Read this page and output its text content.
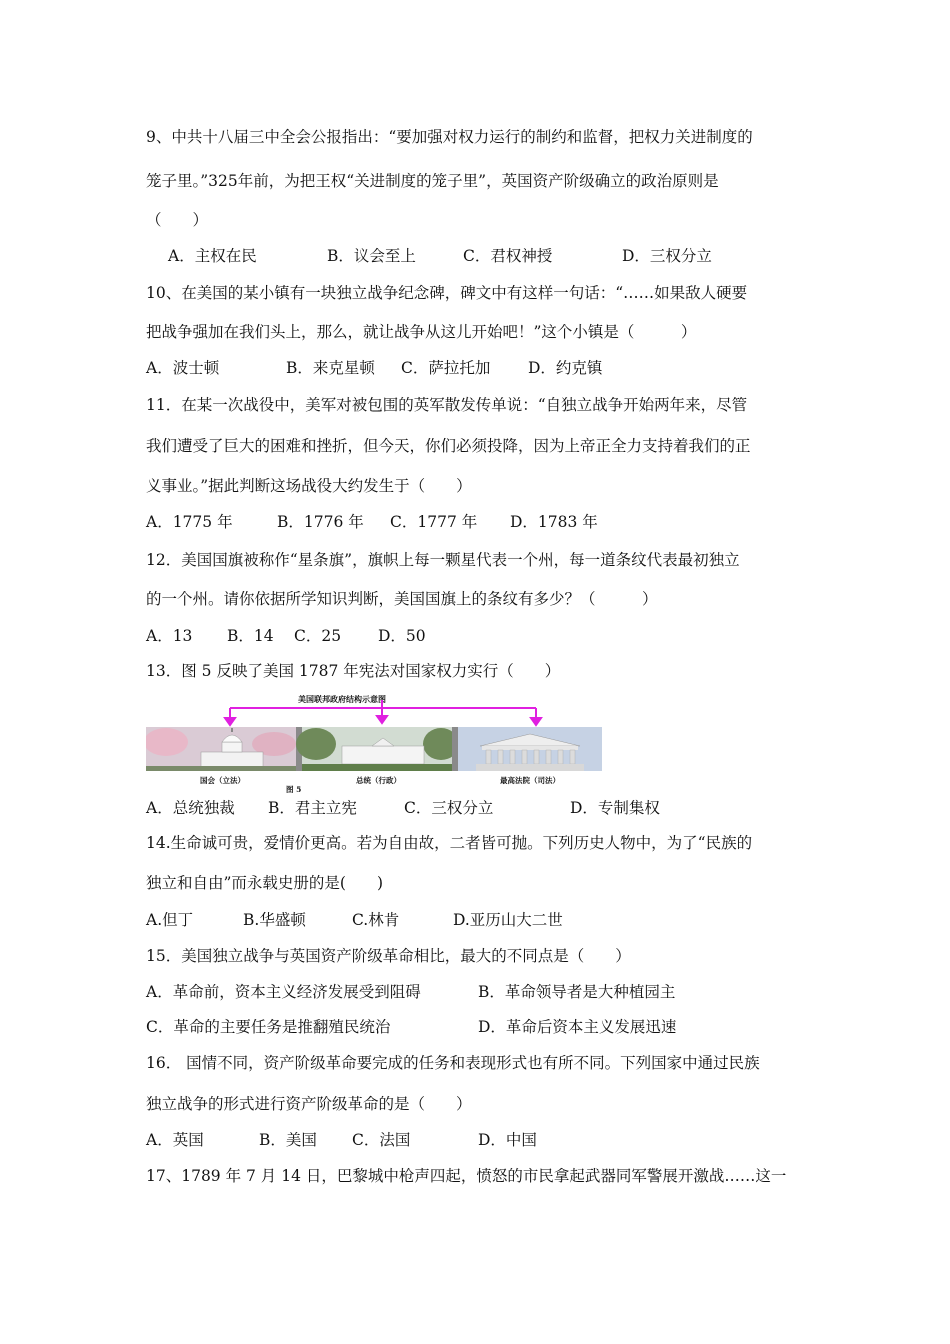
9、中共十八届三中全会公报指出：“要加强对权力运行的制约和监督，把权力关进制度的
笼子里。”325年前，为把王权“关进制度的笼子里”，英国资产阶级确立的政治原则是
（　　）
A．主权在民	B．议会至上	C．君权神授	D．三权分立
10、在美国的某小镇有一块独立战争纪念碑，碑文中有这样一句话：“……如果敌人硬要
把战争强加在我们头上，那么，就让战争从这儿开始吧！”这个小镇是（　　　）
A．波士顿	B．来克星顿 C．萨拉托加 D．约克镇
11．在某一次战役中，美军对被包围的英军散发传单说：“自独立战争开始两年来，尽管
我们遭受了巨大的困难和挫折，但今天，你们必须投降，因为上帝正全力支持着我们的正
义事业。”据此判断这场战役大约发生于（　　）
A．1775 年	B．1776 年 C．1777 年 D．1783 年
12．美国国旗被称作“星条旗”，旗帜上每一颗星代表一个州，每一道条纹代表最初独立
的一个州。请你依据所学知识判断，美国国旗上的条纹有多少？（　　　）
A．13 B．14 C．25 D．50
13．图 5 反映了美国 1787 年宪法对国家权力实行（　　）
美国联邦政府结构示意图
国会（立法）	总统（行政）	最高法院（司法）
图 5
A．总统独裁 B．君主立宪	C．三权分立	D．专制集权
14.生命诚可贵，爱情价更高。若为自由故，二者皆可抛。下列历史人物中，为了“民族的
独立和自由”而永载史册的是(　　)
A.但丁	B.华盛顿	C.林肯	D.亚历山大二世
15．美国独立战争与英国资产阶级革命相比，最大的不同点是（　　）
A．革命前，资本主义经济发展受到阻碍	B．革命领导者是大种植园主
C．革命的主要任务是推翻殖民统治	D．革命后资本主义发展迅速
16． 国情不同，资产阶级革命要完成的任务和表现形式也有所不同。下列国家中通过民族
独立战争的形式进行资产阶级革命的是（　　）
A．英国	B．美国 C．法国	D．中国
17、1789 年 7 月 14 日，巴黎城中枪声四起，愤怒的市民拿起武器同军警展开激战……这一
